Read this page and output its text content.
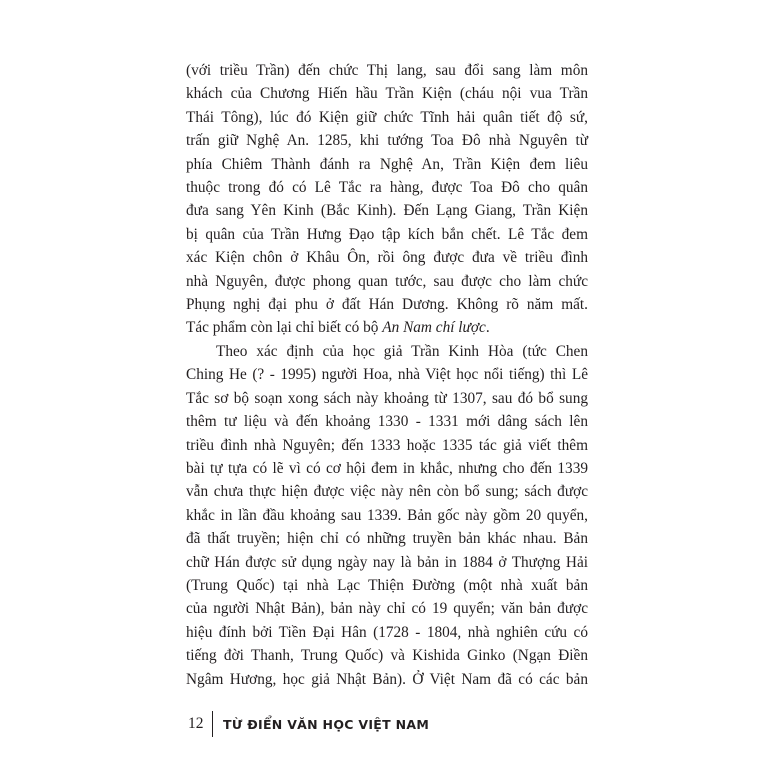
(với triều Trần) đến chức Thị lang, sau đổi sang làm môn
khách của Chương Hiến hầu Trần Kiện (cháu nội vua Trần
Thái Tông), lúc đó Kiện giữ chức Tĩnh hải quân tiết độ sứ,
trấn giữ Nghệ An. 1285, khi tướng Toa Đô nhà Nguyên từ
phía Chiêm Thành đánh ra Nghệ An, Trần Kiện đem liêu
thuộc trong đó có Lê Tắc ra hàng, được Toa Đô cho quân
đưa sang Yên Kinh (Bắc Kinh). Đến Lạng Giang, Trần Kiện
bị quân của Trần Hưng Đạo tập kích bắn chết. Lê Tắc đem
xác Kiện chôn ở Khâu Ôn, rồi ông được đưa về triều đình
nhà Nguyên, được phong quan tước, sau được cho làm chức
Phụng nghị đại phu ở đất Hán Dương. Không rõ năm mất.
Tác phẩm còn lại chỉ biết có bộ An Nam chí lược.

Theo xác định của học giả Trần Kinh Hòa (tức Chen
Ching He (? - 1995) người Hoa, nhà Việt học nổi tiếng) thì Lê
Tắc sơ bộ soạn xong sách này khoảng từ 1307, sau đó bổ sung
thêm tư liệu và đến khoảng 1330 - 1331 mới dâng sách lên
triều đình nhà Nguyên; đến 1333 hoặc 1335 tác giả viết thêm
bài tự tựa có lẽ vì có cơ hội đem in khắc, nhưng cho đến 1339
vẫn chưa thực hiện được việc này nên còn bổ sung; sách được
khắc in lần đầu khoảng sau 1339. Bản gốc này gồm 20 quyển,
đã thất truyền; hiện chỉ có những truyền bản khác nhau. Bản
chữ Hán được sử dụng ngày nay là bản in 1884 ở Thượng Hải
(Trung Quốc) tại nhà Lạc Thiện Đường (một nhà xuất bản
của người Nhật Bản), bản này chỉ có 19 quyển; văn bản được
hiệu đính bởi Tiền Đại Hân (1728 - 1804, nhà nghiên cứu có
tiếng đời Thanh, Trung Quốc) và Kishida Ginko (Ngạn Điền
Ngâm Hương, học giả Nhật Bản). Ở Việt Nam đã có các bản

12 TỪ ĐIỂN VĂN HỌC VIỆT NAM
